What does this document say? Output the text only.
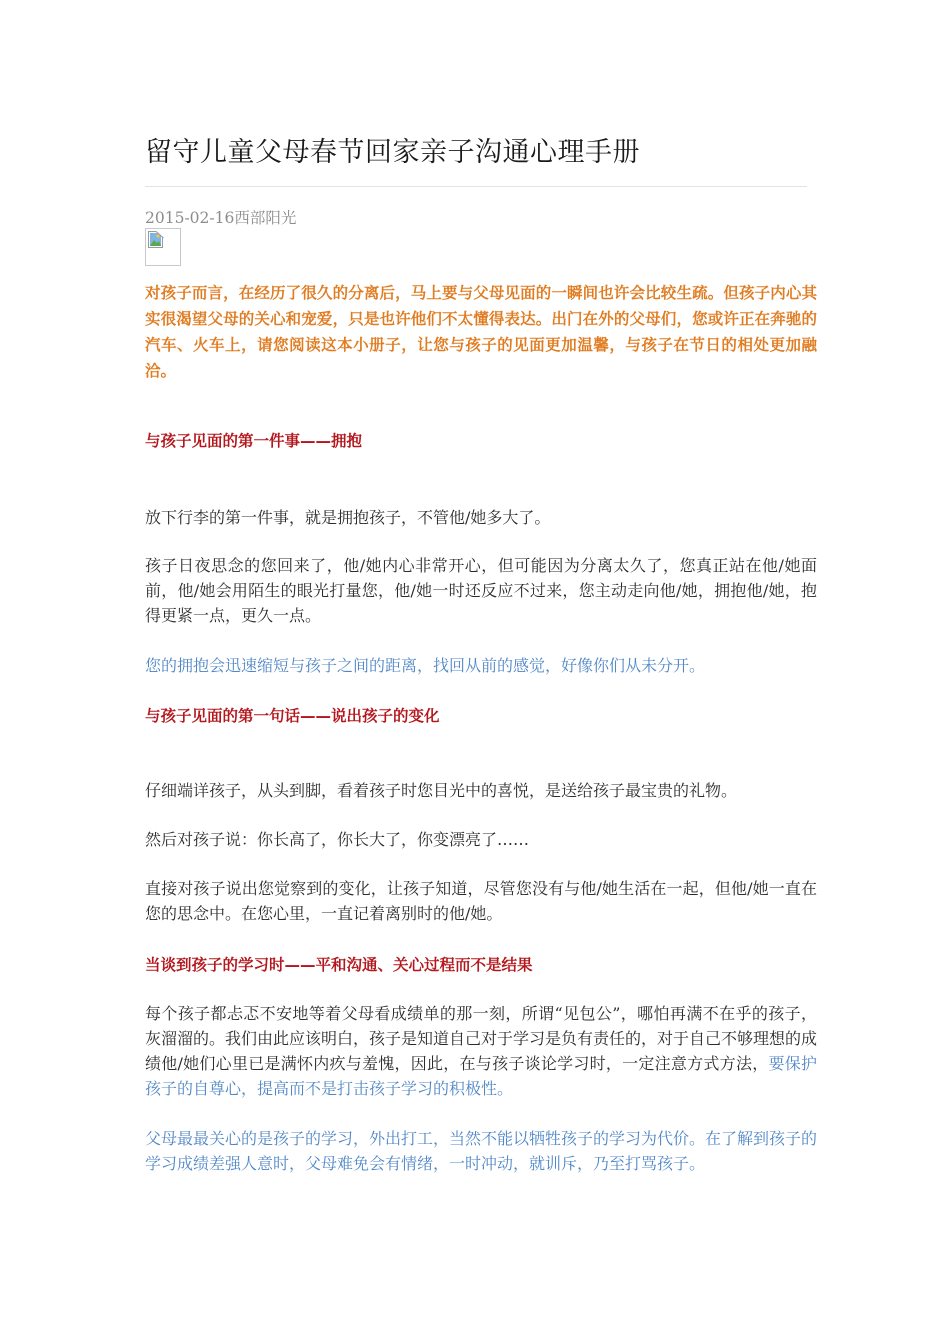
留守儿童父母春节回家亲子沟通心理手册
2015-02-16西部阳光

对孩子而言，在经历了很久的分离后，马上要与父母见面的一瞬间也许会比较生疏。但孩子内心其实很渴望父母的关心和宠爱，只是也许他们不太懂得表达。出门在外的父母们，您或许正在奔驰的汽车、火车上，请您阅读这本小册子，让您与孩子的见面更加温馨，与孩子在节日的相处更加融洽。

与孩子见面的第一件事——拥抱

放下行李的第一件事，就是拥抱孩子，不管他/她多大了。

孩子日夜思念的您回来了，他/她内心非常开心，但可能因为分离太久了，您真正站在他/她面前，他/她会用陌生的眼光打量您，他/她一时还反应不过来，您主动走向他/她，拥抱他/她，抱得更紧一点，更久一点。

您的拥抱会迅速缩短与孩子之间的距离，找回从前的感觉，好像你们从未分开。

与孩子见面的第一句话——说出孩子的变化

仔细端详孩子，从头到脚，看着孩子时您目光中的喜悦，是送给孩子最宝贵的礼物。

然后对孩子说：你长高了，你长大了，你变漂亮了……

直接对孩子说出您觉察到的变化，让孩子知道，尽管您没有与他/她生活在一起，但他/她一直在您的思念中。在您心里，一直记着离别时的他/她。

当谈到孩子的学习时——平和沟通、关心过程而不是结果

每个孩子都忐忑不安地等着父母看成绩单的那一刻，所谓“见包公”，哪怕再满不在乎的孩子，灰溜溜的。我们由此应该明白，孩子是知道自己对于学习是负有责任的，对于自己不够理想的成绩他/她们心里已是满怀内疚与羞愧，因此，在与孩子谈论学习时，一定注意方式方法，要保护孩子的自尊心，提高而不是打击孩子学习的积极性。

父母最最关心的是孩子的学习，外出打工，当然不能以牺牲孩子的学习为代价。在了解到孩子的学习成绩差强人意时，父母难免会有情绪，一时冲动，就训斥，乃至打骂孩子。
